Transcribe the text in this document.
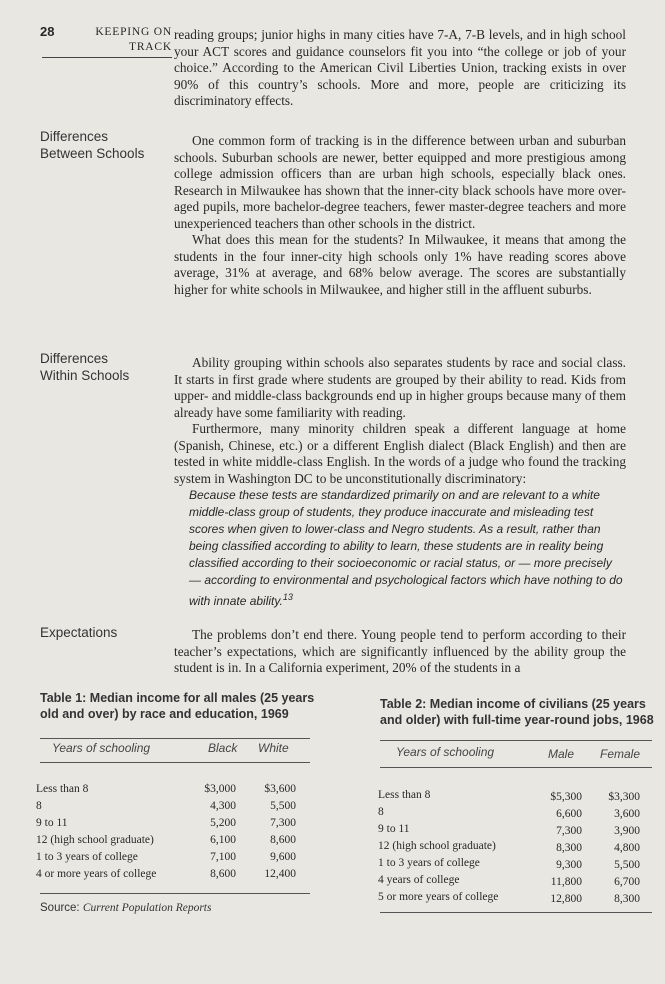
28	KEEPING ON
TRACK

reading groups; junior highs in many cities have 7-A, 7-B levels, and in high school your ACT scores and guidance counselors fit you into “the college or job of your choice.” According to the American Civil Liberties Union, tracking exists in over 90% of this country’s schools. More and more, people are criticizing its discriminatory effects.

Differences
Between Schools

One common form of tracking is in the difference between urban and suburban schools. Suburban schools are newer, better equipped and more prestigious among college admission officers than are urban high schools, especially black ones. Research in Milwaukee has shown that the inner-city black schools have more over-aged pupils, more bachelor-degree teachers, fewer master-degree teachers and more unexperienced teachers than other schools in the district.

What does this mean for the students? In Milwaukee, it means that among the students in the four inner-city high schools only 1% have reading scores above average, 31% at average, and 68% below average. The scores are substantially higher for white schools in Milwaukee, and higher still in the affluent suburbs.

Differences
Within Schools

Ability grouping within schools also separates students by race and social class. It starts in first grade where students are grouped by their ability to read. Kids from upper- and middle-class backgrounds end up in higher groups because many of them already have some familiarity with reading.

Furthermore, many minority children speak a different language at home (Spanish, Chinese, etc.) or a different English dialect (Black English) and then are tested in white middle-class English. In the words of a judge who found the tracking system in Washington DC to be unconstitutionally discriminatory:

Because these tests are standardized primarily on and are relevant to a white middle-class group of students, they produce inaccurate and misleading test scores when given to lower-class and Negro students. As a result, rather than being classified according to ability to learn, these students are in reality being classified according to their socioeconomic or racial status, or — more precisely — according to environmental and psychological factors which have nothing to do with innate ability.$^{13}$

Expectations	The problems don’t end there. Young people tend to perform according to their teacher’s expectations, which are significantly influenced by the ability group the student is in. In a California experiment, 20% of the students in a

Table 1: Median income for all males (25 years old and over) by race and education, 1969
Years of schooling	Black White
Less than 8	$3,000	$3,600
8	4,300	5,500
9 to 11	5,200	7,300
12 (high school graduate)	6,100	8,600
1 to 3 years of college	7,100	9,600
4 or more years of college	8,600	12,400
Source: Current Population Reports
Table 2: Median income of civilians (25 years and older) with full-time year-round jobs, 1968
Years of schooling	Male Female
Less than 8	$5,300	$3,300
8	6,600	3,600
9 to 11	7,300	3,900
12 (high school graduate)	8,300	4,800
1 to 3 years of college	9,300	5,500
4 years of college	11,800	6,700
5 or more years of college	12,800	8,300
